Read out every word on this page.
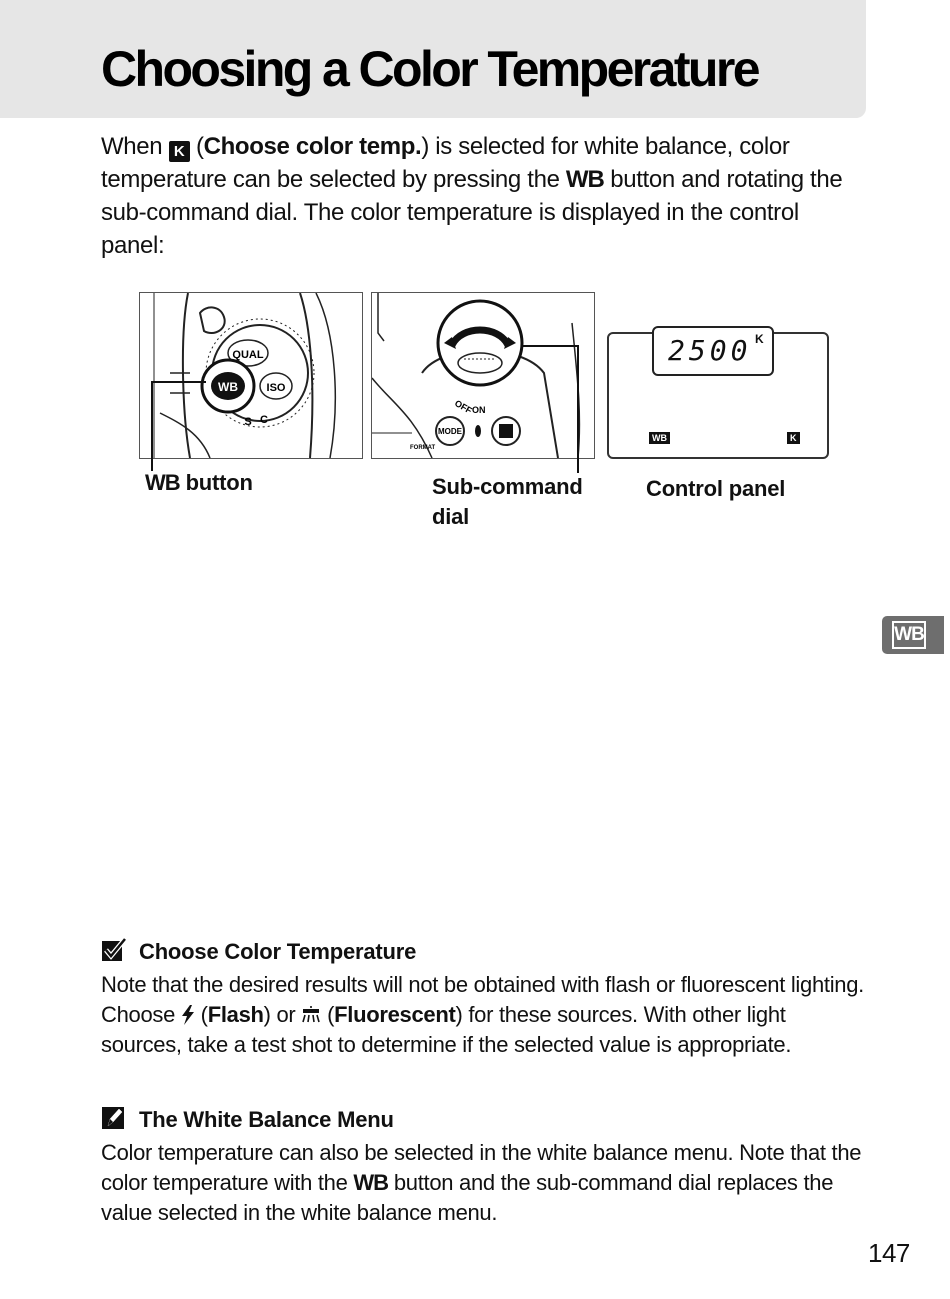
Choosing a Color Temperature

When K (Choose color temp.) is selected for white balance, color temperature can be selected by pressing the WB button and rotating the sub-command dial. The color temperature is displayed in the control panel:

QUAL
ISO
WB
S C
OFF
ON
MODE
FORMAT
2500 K
WB	K
WB button	Sub-command dial
Control panel
WB
Choose Color Temperature

Note that the desired results will not be obtained with flash or fluorescent lighting. Choose  (Flash) or  (Fluorescent) for these sources. With other light sources, take a test shot to determine if the selected value is appropriate.

The White Balance Menu

Color temperature can also be selected in the white balance menu. Note that the color temperature with the WB button and the sub-command dial replaces the value selected in the white balance menu.

147
